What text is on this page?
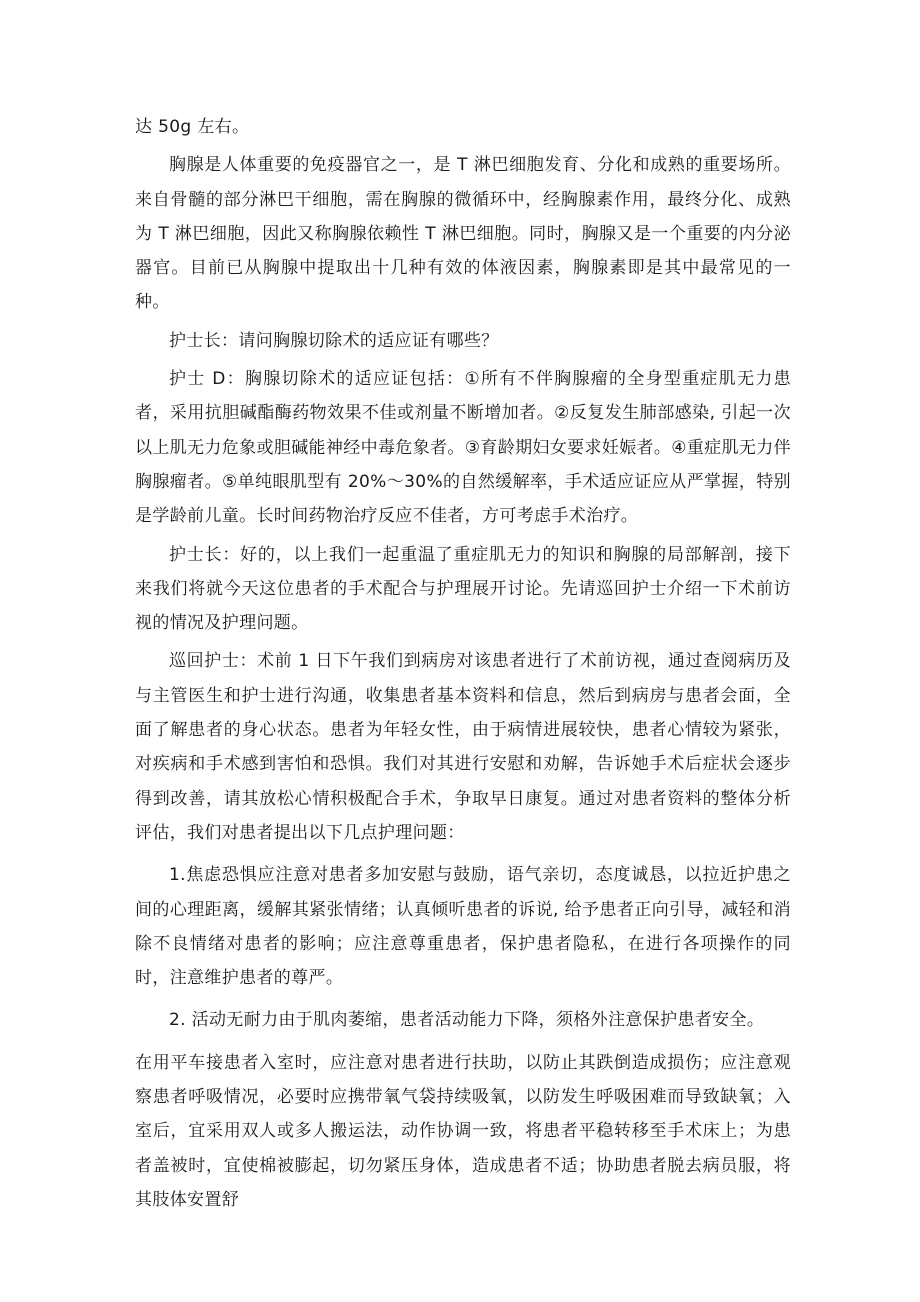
达 50g 左右。

胸腺是人体重要的免疫器官之一，是 T 淋巴细胞发育、分化和成熟的重要场所。来自骨髓的部分淋巴干细胞，需在胸腺的微循环中，经胸腺素作用，最终分化、成熟为 T 淋巴细胞，因此又称胸腺依赖性 T 淋巴细胞。同时，胸腺又是一个重要的内分泌器官。目前已从胸腺中提取出十几种有效的体液因素，胸腺素即是其中最常见的一种。

护士长：请问胸腺切除术的适应证有哪些？

护士 D：胸腺切除术的适应证包括：①所有不伴胸腺瘤的全身型重症肌无力患者，采用抗胆碱酯酶药物效果不佳或剂量不断增加者。②反复发生肺部感染, 引起一次以上肌无力危象或胆碱能神经中毒危象者。③育龄期妇女要求妊娠者。④重症肌无力伴胸腺瘤者。⑤单纯眼肌型有 20%～30%的自然缓解率，手术适应证应从严掌握，特别是学龄前儿童。长时间药物治疗反应不佳者，方可考虑手术治疗。

护士长：好的，以上我们一起重温了重症肌无力的知识和胸腺的局部解剖，接下来我们将就今天这位患者的手术配合与护理展开讨论。先请巡回护士介绍一下术前访视的情况及护理问题。

巡回护士：术前 1 日下午我们到病房对该患者进行了术前访视，通过查阅病历及与主管医生和护士进行沟通，收集患者基本资料和信息，然后到病房与患者会面，全面了解患者的身心状态。患者为年轻女性，由于病情进展较快，患者心情较为紧张，对疾病和手术感到害怕和恐惧。我们对其进行安慰和劝解，告诉她手术后症状会逐步得到改善，请其放松心情积极配合手术，争取早日康复。通过对患者资料的整体分析评估，我们对患者提出以下几点护理问题：

1.焦虑恐惧应注意对患者多加安慰与鼓励，语气亲切，态度诚恳，以拉近护患之间的心理距离，缓解其紧张情绪；认真倾听患者的诉说, 给予患者正向引导，减轻和消除不良情绪对患者的影响；应注意尊重患者，保护患者隐私，在进行各项操作的同时，注意维护患者的尊严。

2. 活动无耐力由于肌肉萎缩，患者活动能力下降，须格外注意保护患者安全。

在用平车接患者入室时，应注意对患者进行扶助，以防止其跌倒造成损伤；应注意观察患者呼吸情况，必要时应携带氧气袋持续吸氧，以防发生呼吸困难而导致缺氧；入室后，宜采用双人或多人搬运法，动作协调一致，将患者平稳转移至手术床上；为患者盖被时，宜使棉被膨起，切勿紧压身体，造成患者不适；协助患者脱去病员服，将其肢体安置舒
